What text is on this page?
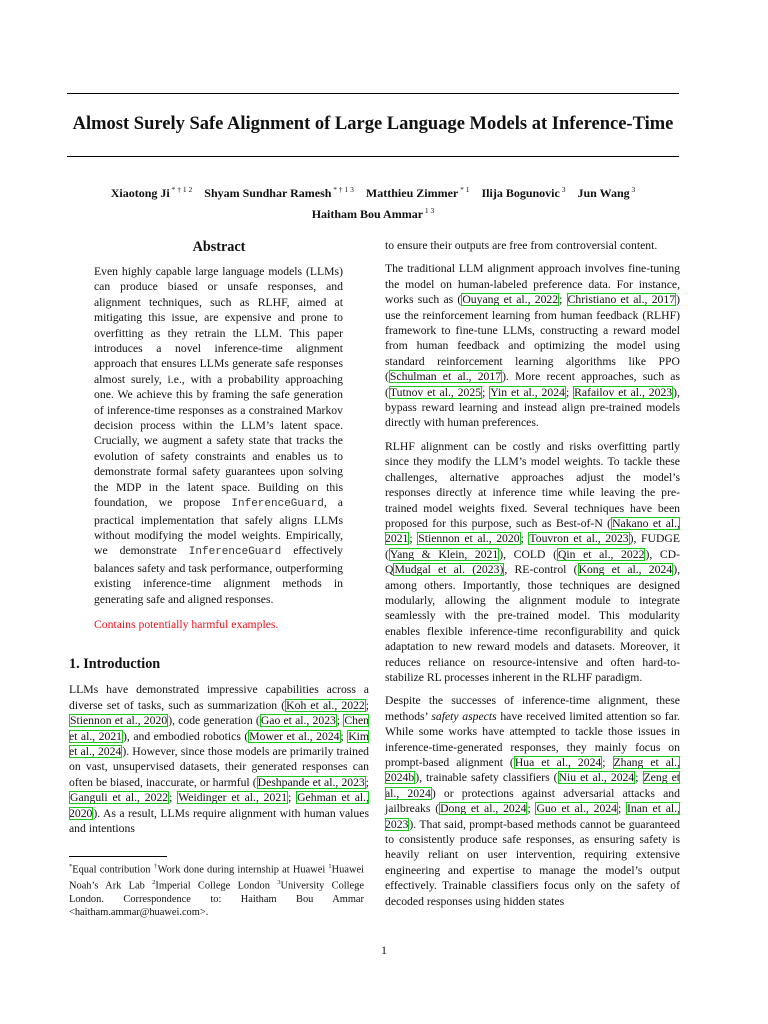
Almost Surely Safe Alignment of Large Language Models at Inference-Time
Xiaotong Ji $^{* \dagger 1 2}$  Shyam Sundhar Ramesh $^{* \dagger 1 3}$  Matthieu Zimmer $^{* 1}$  Ilija Bogunovic $^3$  Jun Wang $^3$
Haitham Bou Ammar $^{1 3}$
Abstract
Even highly capable large language models (LLMs) can produce biased or unsafe responses, and alignment techniques, such as RLHF, aimed at mitigating this issue, are expensive and prone to overfitting as they retrain the LLM. This paper introduces a novel inference-time alignment approach that ensures LLMs generate safe responses almost surely, i.e., with a probability approaching one. We achieve this by framing the safe generation of inference-time responses as a constrained Markov decision process within the LLM’s latent space. Crucially, we augment a safety state that tracks the evolution of safety constraints and enables us to demonstrate formal safety guarantees upon solving the MDP in the latent space. Building on this foundation, we propose InferenceGuard, a practical implementation that safely aligns LLMs without modifying the model weights. Empirically, we demonstrate InferenceGuard effectively balances safety and task performance, outperforming existing inference-time alignment methods in generating safe and aligned responses.
Contains potentially harmful examples.
1. Introduction

LLMs have demonstrated impressive capabilities across a diverse set of tasks, such as summarization (Koh et al., 2022; Stiennon et al., 2020), code generation (Gao et al., 2023; Chen et al., 2021), and embodied robotics (Mower et al., 2024; Kim et al., 2024). However, since those models are primarily trained on vast, unsupervised datasets, their generated responses can often be biased, inaccurate, or harmful (Deshpande et al., 2023; Ganguli et al., 2022; Weidinger et al., 2021; Gehman et al., 2020). As a result, LLMs require alignment with human values and intentions

to ensure their outputs are free from controversial content.

The traditional LLM alignment approach involves fine-tuning the model on human-labeled preference data. For instance, works such as (Ouyang et al., 2022; Christiano et al., 2017) use the reinforcement learning from human feedback (RLHF) framework to fine-tune LLMs, constructing a reward model from human feedback and optimizing the model using standard reinforcement learning algorithms like PPO (Schulman et al., 2017). More recent approaches, such as (Tutnov et al., 2025; Yin et al., 2024; Rafailov et al., 2023), bypass reward learning and instead align pre-trained models directly with human preferences.

RLHF alignment can be costly and risks overfitting partly since they modify the LLM’s model weights. To tackle these challenges, alternative approaches adjust the model’s responses directly at inference time while leaving the pre-trained model weights fixed. Several techniques have been proposed for this purpose, such as Best-of-N (Nakano et al., 2021; Stiennon et al., 2020; Touvron et al., 2023), FUDGE (Yang & Klein, 2021), COLD (Qin et al., 2022), CD-QMudgal et al. (2023), RE-control (Kong et al., 2024), among others. Importantly, those techniques are designed modularly, allowing the alignment module to integrate seamlessly with the pre-trained model. This modularity enables flexible inference-time reconfigurability and quick adaptation to new reward models and datasets. Moreover, it reduces reliance on resource-intensive and often hard-to-stabilize RL processes inherent in the RLHF paradigm.

Despite the successes of inference-time alignment, these methods’ safety aspects have received limited attention so far. While some works have attempted to tackle those issues in inference-time-generated responses, they mainly focus on prompt-based alignment (Hua et al., 2024; Zhang et al., 2024b), trainable safety classifiers (Niu et al., 2024; Zeng et al., 2024) or protections against adversarial attacks and jailbreaks (Dong et al., 2024; Guo et al., 2024; Inan et al., 2023). That said, prompt-based methods cannot be guaranteed to consistently produce safe responses, as ensuring safety is heavily reliant on user intervention, requiring extensive engineering and expertise to manage the model’s output effectively. Trainable classifiers focus only on the safety of decoded responses using hidden states

*Equal contribution †Work done during internship at Huawei $^1$Huawei Noah’s Ark Lab $^2$Imperial College London $^3$University College London. Correspondence to: Haitham Bou Ammar <haitham.ammar@huawei.com>.
1
